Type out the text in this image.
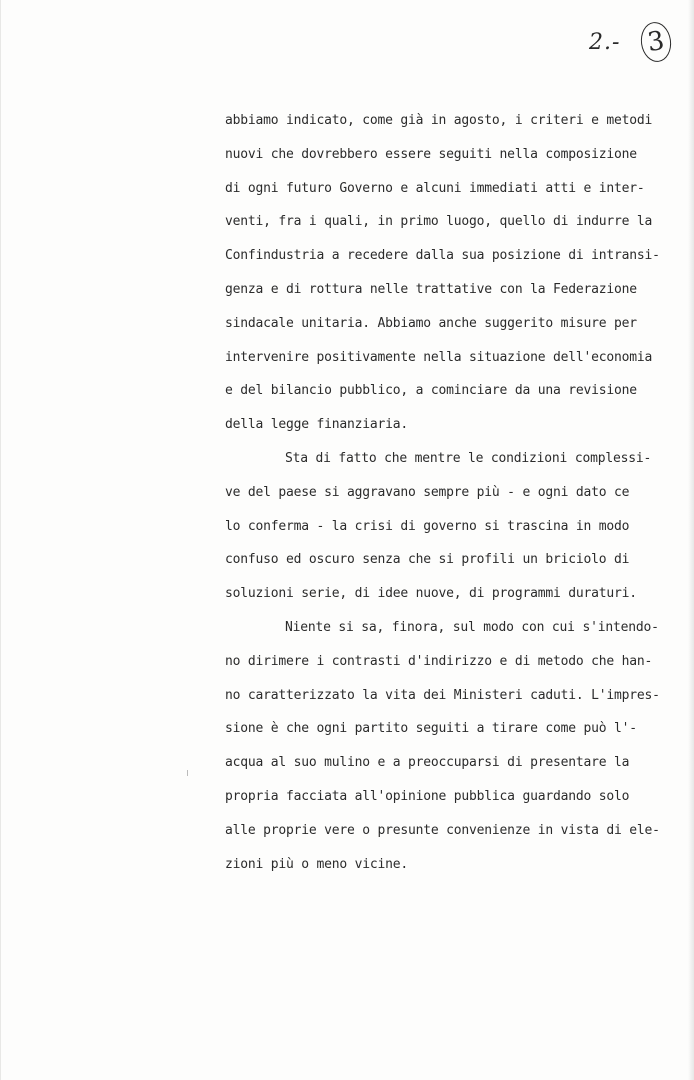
2.- 3
abbiamo indicato, come già in agosto, i criteri e metodi
nuovi che dovrebbero essere seguiti nella composizione
di ogni futuro Governo e alcuni immediati atti e inter-
venti, fra i quali, in primo luogo, quello di indurre la
Confindustria a recedere dalla sua posizione di intransi-
genza e di rottura nelle trattative con la Federazione
sindacale unitaria. Abbiamo anche suggerito misure per
intervenire positivamente nella situazione dell'economia
e del bilancio pubblico, a cominciare da una revisione
della legge finanziaria.
Sta di fatto che mentre le condizioni complessi-
ve del paese si aggravano sempre più - e ogni dato ce
lo conferma - la crisi di governo si trascina in modo
confuso ed oscuro senza che si profili un briciolo di
soluzioni serie, di idee nuove, di programmi duraturi.
Niente si sa, finora, sul modo con cui s'intendo-
no dirimere i contrasti d'indirizzo e di metodo che han-
no caratterizzato la vita dei Ministeri caduti. L'impres-
sione è che ogni partito seguiti a tirare come può l'-
acqua al suo mulino e a preoccuparsi di presentare la
propria facciata all'opinione pubblica guardando solo
alle proprie vere o presunte convenienze in vista di ele-
zioni più o meno vicine.
